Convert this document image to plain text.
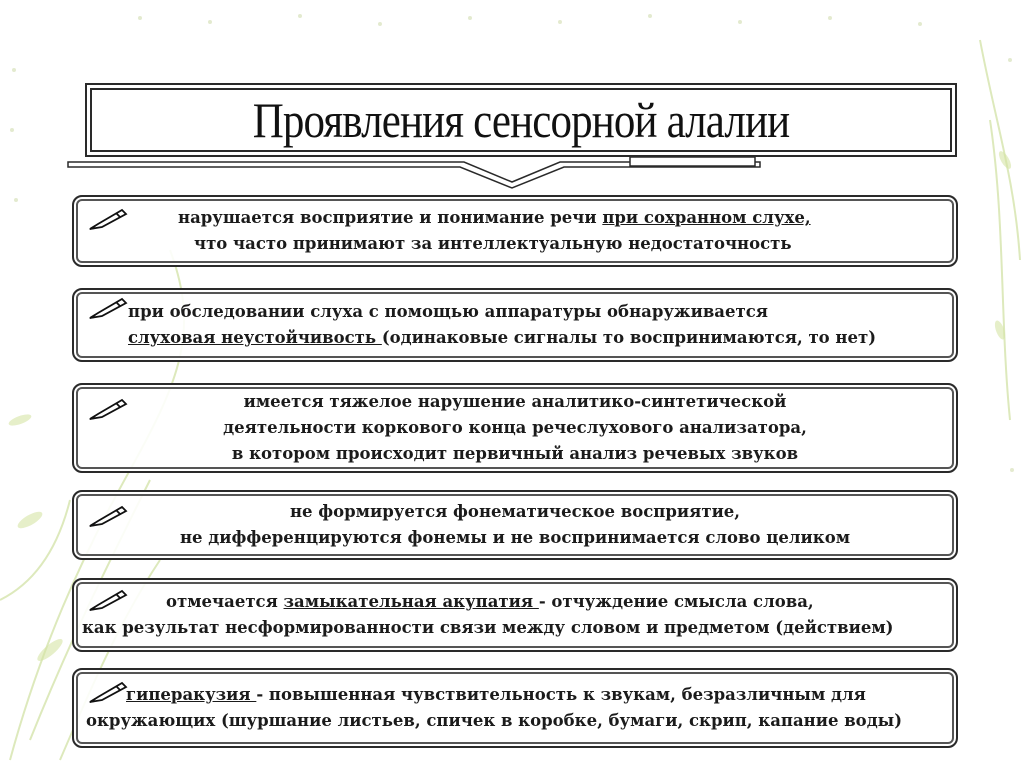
Проявления сенсорной алалии
нарушается восприятие и понимание речи при сохранном слухе,
что часто принимают за интеллектуальную недостаточность
при обследовании слуха с помощью аппаратуры обнаруживается
слуховая неустойчивость (одинаковые сигналы то воспринимаются, то нет)
имеется тяжелое нарушение аналитико-синтетической
деятельности коркового конца речеслухового анализатора,
в котором происходит первичный анализ речевых звуков
не формируется фонематическое восприятие,
не дифференцируются фонемы и не воспринимается слово целиком
отмечается замыкательная акупатия - отчуждение смысла слова,
как результат несформированности связи между словом и предметом (действием)
гиперакузия - повышенная чувствительность к звукам, безразличным для
окружающих (шуршание листьев, спичек в коробке, бумаги, скрип, капание воды)
